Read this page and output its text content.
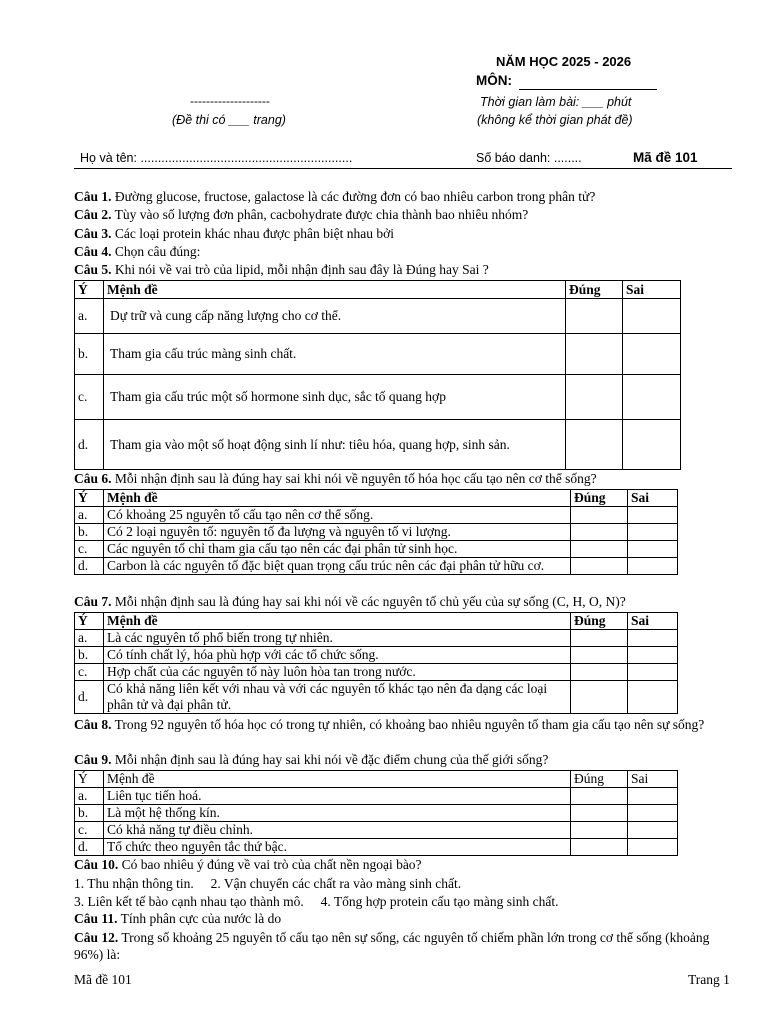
NĂM HỌC 2025 - 2026
MÔN:
--------------------
(Đề thi có ___ trang)
Thời gian làm bài: ___ phút
(không kể thời gian phát đề)
Họ và tên: .............................................................	Số báo danh: ........	Mã đề 101
Câu 1. Đường glucose, fructose, galactose là các đường đơn có bao nhiêu carbon trong phân tử?
Câu 2. Tùy vào số lượng đơn phân, cacbohydrate được chia thành bao nhiêu nhóm?
Câu 3. Các loại protein khác nhau được phân biệt nhau bởi
Câu 4. Chọn câu đúng:
Câu 5. Khi nói về vai trò của lipid, mỗi nhận định sau đây là Đúng hay Sai ?
Ý	Mệnh đề	Đúng	Sai
a.	Dự trữ và cung cấp năng lượng cho cơ thể.		
b.	Tham gia cấu trúc màng sinh chất.		
c.	Tham gia cấu trúc một số hormone sinh dục, sắc tố quang hợp		
d.	Tham gia vào một số hoạt động sinh lí như: tiêu hóa, quang hợp, sinh sản.		
Câu 6. Mỗi nhận định sau là đúng hay sai khi nói về nguyên tố hóa học cấu tạo nên cơ thể sống?
Ý	Mệnh đề	Đúng	Sai
a.	Có khoảng 25 nguyên tố cấu tạo nên cơ thể sống.		
b.	Có 2 loại nguyên tố: nguyên tố đa lượng và nguyên tố vi lượng.		
c.	Các nguyên tố chỉ tham gia cấu tạo nên các đại phân tử sinh học.		
d.	Carbon là các nguyên tố đặc biệt quan trọng cấu trúc nên các đại phân tử hữu cơ.		
Câu 7. Mỗi nhận định sau là đúng hay sai khi nói về các nguyên tố chủ yếu của sự sống (C, H, O, N)?
Ý	Mệnh đề	Đúng	Sai
a.	Là các nguyên tố phổ biến trong tự nhiên.		
b.	Có tính chất lý, hóa phù hợp với các tổ chức sống.		
c.	Hợp chất của các nguyên tố này luôn hòa tan trong nước.		
d.	Có khả năng liên kết với nhau và với các nguyên tố khác tạo nên đa dạng các loại phân tử và đại phân tử.		
Câu 8. Trong 92 nguyên tố hóa học có trong tự nhiên, có khoảng bao nhiêu nguyên tố tham gia cấu tạo nên sự sống?
Câu 9. Mỗi nhận định sau là đúng hay sai khi nói về đặc điểm chung của thế giới sống?
Ý	Mệnh đề	Đúng	Sai
a.	Liên tục tiến hoá.		
b.	Là một hệ thống kín.		
c.	Có khả năng tự điều chỉnh.		
d.	Tổ chức theo nguyên tắc thứ bậc.		
Câu 10. Có bao nhiêu ý đúng về vai trò của chất nền ngoại bào?
1. Thu nhận thông tin.     2. Vận chuyển các chất ra vào màng sinh chất.
3. Liên kết tế bào cạnh nhau tạo thành mô.     4. Tổng hợp protein cấu tạo màng sinh chất.
Câu 11. Tính phân cực của nước là do
Câu 12. Trong số khoảng 25 nguyên tố cấu tạo nên sự sống, các nguyên tố chiếm phần lớn trong cơ thể sống (khoảng 96%) là:
Mã đề 101	Trang 1
